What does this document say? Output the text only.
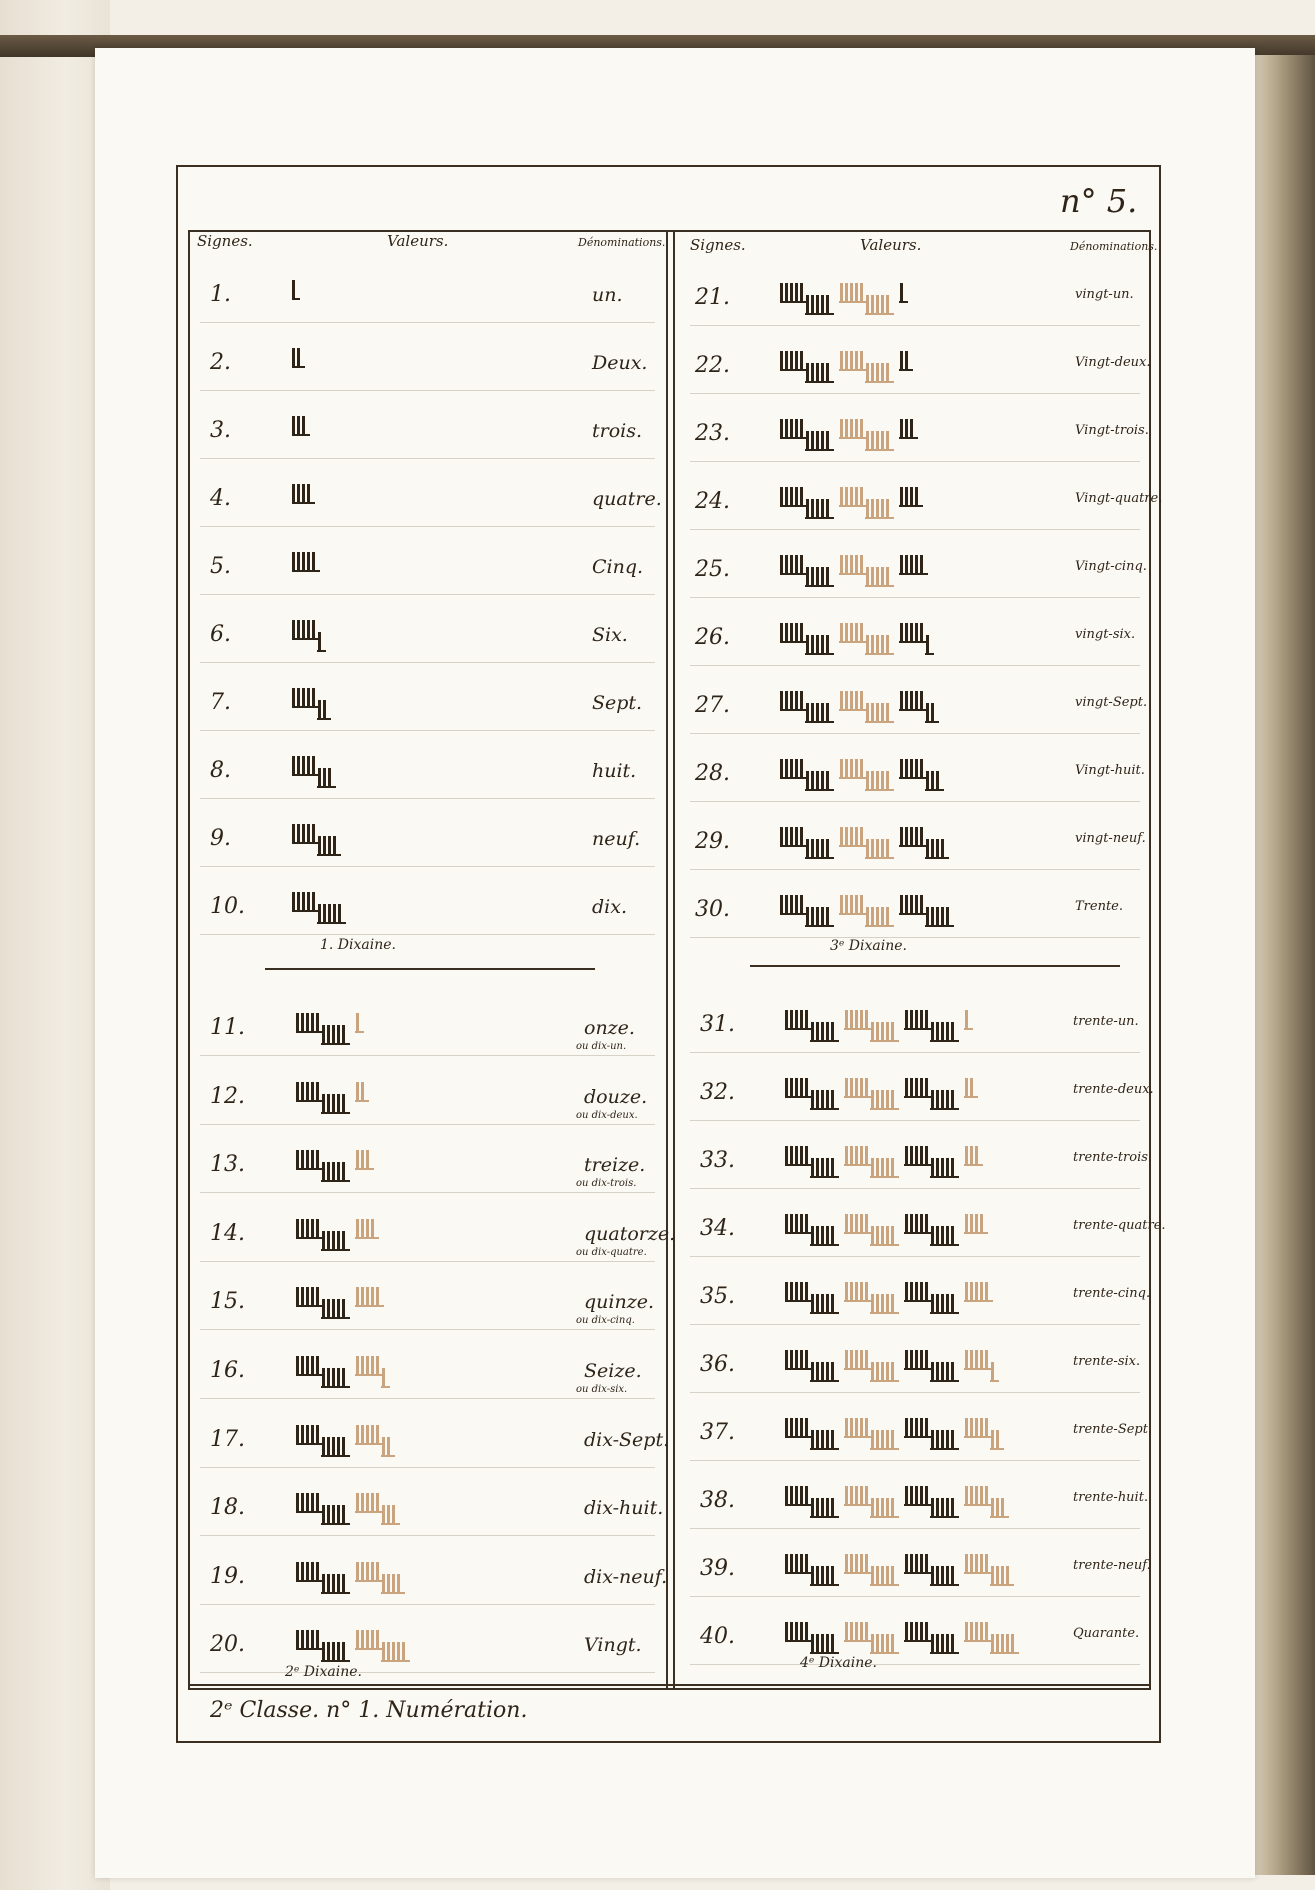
n° 5.
Signes.	Valeurs.	Dénominations. Signes.	Valeurs.	Dénominations.
1.	un.
2.	Deux.
3.	trois.
4.	quatre.
5.	Cinq.
6.	Six.
7.	Sept.
8.	huit.
9.	neuf.
10.	dix.
1. Dixaine.
11.	onze.
ou dix-un.
12.	douze.
ou dix-deux.
13.	treize.
ou dix-trois.
14.	quatorze.
ou dix-quatre.
15.	quinze.
ou dix-cinq.
16.	Seize.
ou dix-six.
17.	dix-Sept.
18.	dix-huit.
19.	dix-neuf.
20.	Vingt.
2ᵉ Dixaine.
21.	vingt-un.
22.	Vingt-deux.
23.	Vingt-trois.
24.	Vingt-quatre.
25.	Vingt-cinq.
26.	vingt-six.
27.	vingt-Sept.
28.	Vingt-huit.
29.	vingt-neuf.
30.	Trente.
3ᵉ Dixaine.
31.	trente-un.
32.	trente-deux.
33.	trente-trois.
34.	trente-quatre.
35.	trente-cinq.
36.	trente-six.
37.	trente-Sept.
38.	trente-huit.
39.	trente-neuf.
40.	Quarante.
4ᵉ Dixaine.
2ᵉ Classe. n° 1. Numération.
